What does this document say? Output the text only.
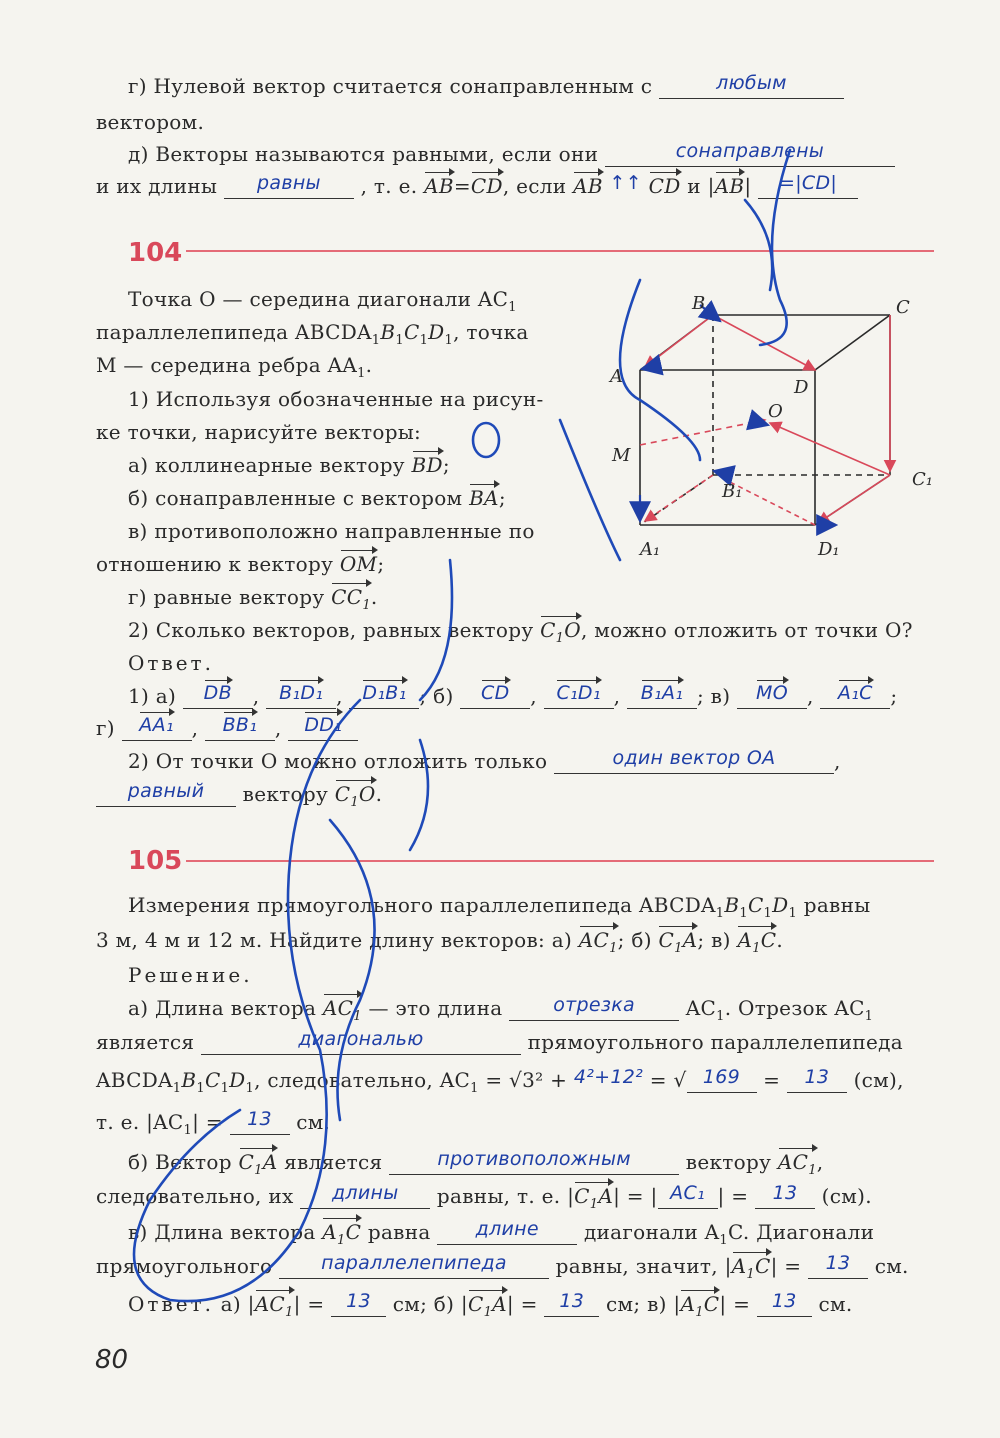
г) Нулевой вектор считается сонаправленным с	любым
вектором.
д) Векторы называются равными, если они	сонаправлены
и их длины равны , т. е. AB=CD, если AB ↑↑ CD и |AB| =|CD|
104
Точка O — середина диагонали $AC_1$
параллелепипеда $ABCDA_1B_1C_1D_1$, точка
M — середина ребра $AA_1$.
1) Используя обозначенные на рисун-
ке точки, нарисуйте векторы:
а) коллинеарные вектору BD;
б) сонаправленные с вектором BA;
в) противоположно направленные по
отношению к вектору OM;
г) равные вектору $CC_1$.
2) Сколько векторов, равных вектору $C_1O$, можно отложить от точки O?
Ответ.
1) а) DB , B₁D₁ , D₁B₁ ; б) CD , C₁D₁ , B₁A₁ ; в) MO , A₁C ;
г) AA₁ , BB₁ , DD₁
2) От точки O можно отложить только	один вектор OA	,
равный вектору $C_1O$.
B	C
A
D
O
M
B₁
C₁
A₁	D₁
105
Измерения прямоугольного параллелепипеда $ABCDA_1B_1C_1D_1$ равны
3 м, 4 м и 12 м. Найдите длину векторов: а) $AC_1$; б) $C_1A$; в) $A_1C$.
Решение.
а) Длина вектора $AC_1$ — это длина	отрезка	$AC_1$. Отрезок $AC_1$
является	диагональю	прямоугольного параллелепипеда
$ABCDA_1B_1C_1D_1$, следовательно, $AC_1 = √3^2 + 4^2+12^2$ = √ 169 = 13 (см),
т. е. $|AC_1| = 13$ см.
б) Вектор $C_1A$ является	противоположным	вектору $AC_1$,
следовательно, их длины равны, т. е. $|C_1A|$ = | AC₁ | = 13 (см).
в) Длина вектора $A_1C$ равна длине диагонали $A_1C$. Диагонали
прямоугольного	параллелепипеда равны, значит, $|A_1C| = 13$ см.
Ответ. а) $|AC_1| = 13$ см; б) $|C_1A| = 13$ см; в) $|A_1C| = 13$ см.
80
